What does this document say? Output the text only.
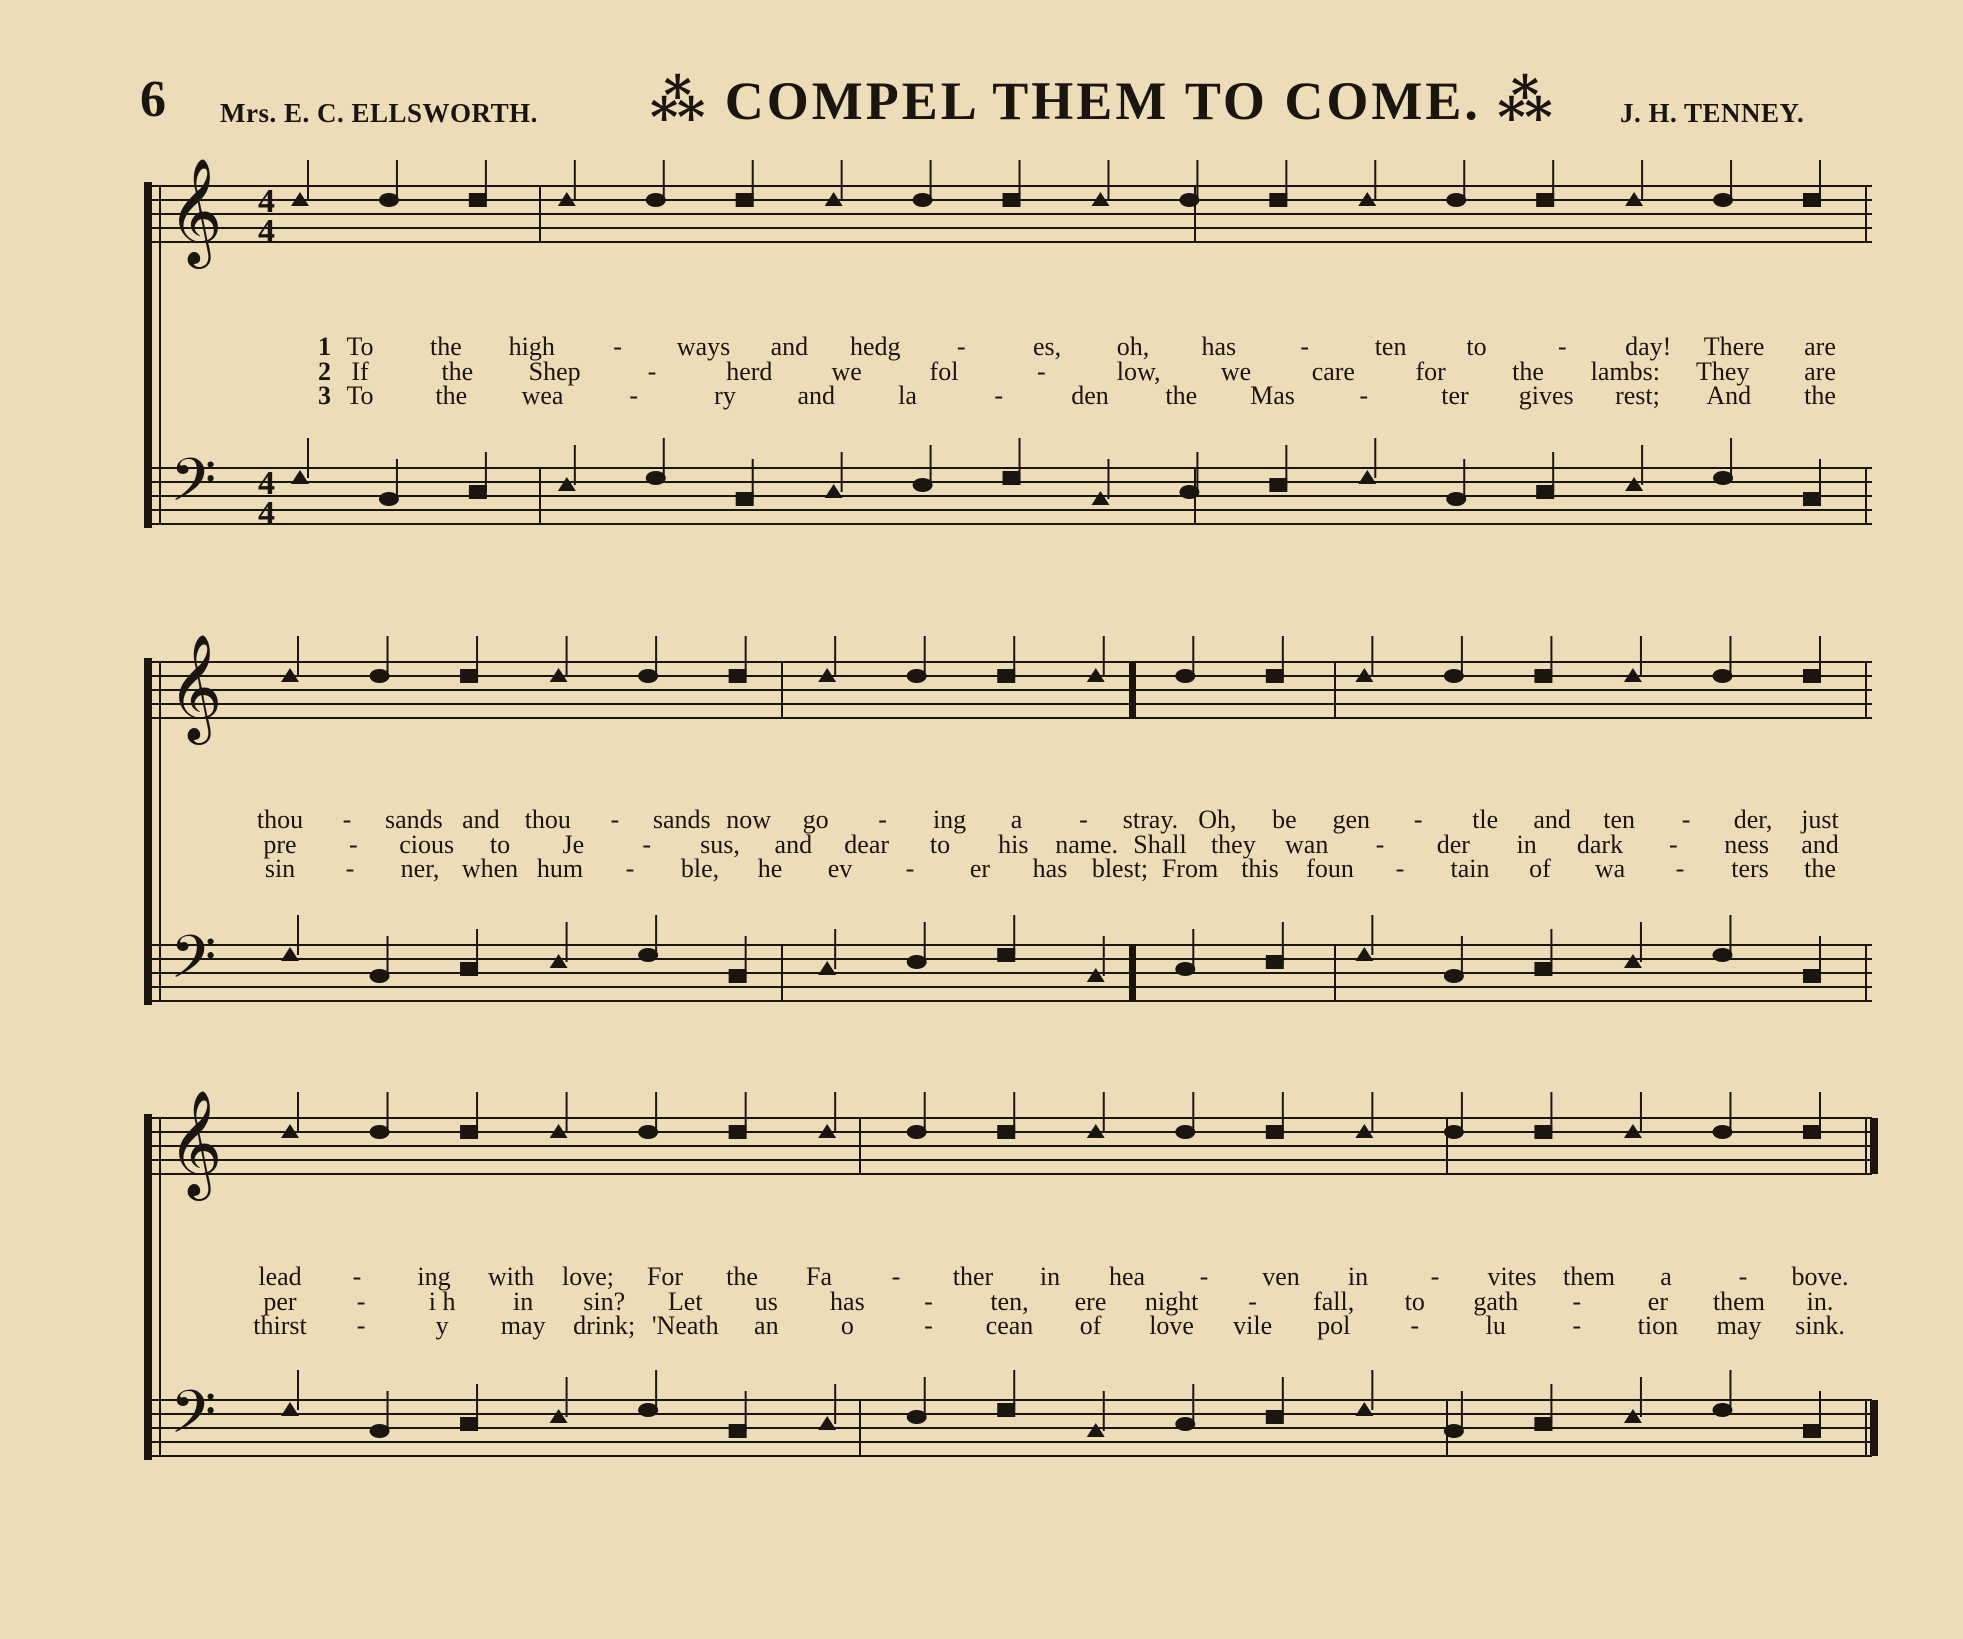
6 Mrs. E. C. ELLSWORTH. ⁂ COMPEL THEM TO COME. ⁂ J. H. TENNEY.
𝄞
𝄢
4
4
4
4
1 To the high - ways and hedg -	es, oh, has -	ten to	- day! There are
2 If	the Shep	-	herd we	fol	-	low, we care for	the lambs: They are
3 To the wea	-	ry and la	-	den the Mas -	ter gives rest; And the
𝄞
𝄢
thou - sands and thou - sands now go - ing a - stray. Oh, be gen - tle and ten - der, just
pre - cious to Je - sus, and dear to his name. Shall they wan - der in dark - ness and
sin - ner, when hum - ble, he ev - er has blest; From this foun - tain of wa - ters the
𝄞
𝄢
lead - ing with love; For the Fa - ther in hea - ven in - vites them a	- bove.
per - i h in sin? Let us has - ten, ere night - fall, to gath -	er them in.
thirst -	y may drink; 'Neath an o	- cean of love vile pol -	lu	- tion may sink.
